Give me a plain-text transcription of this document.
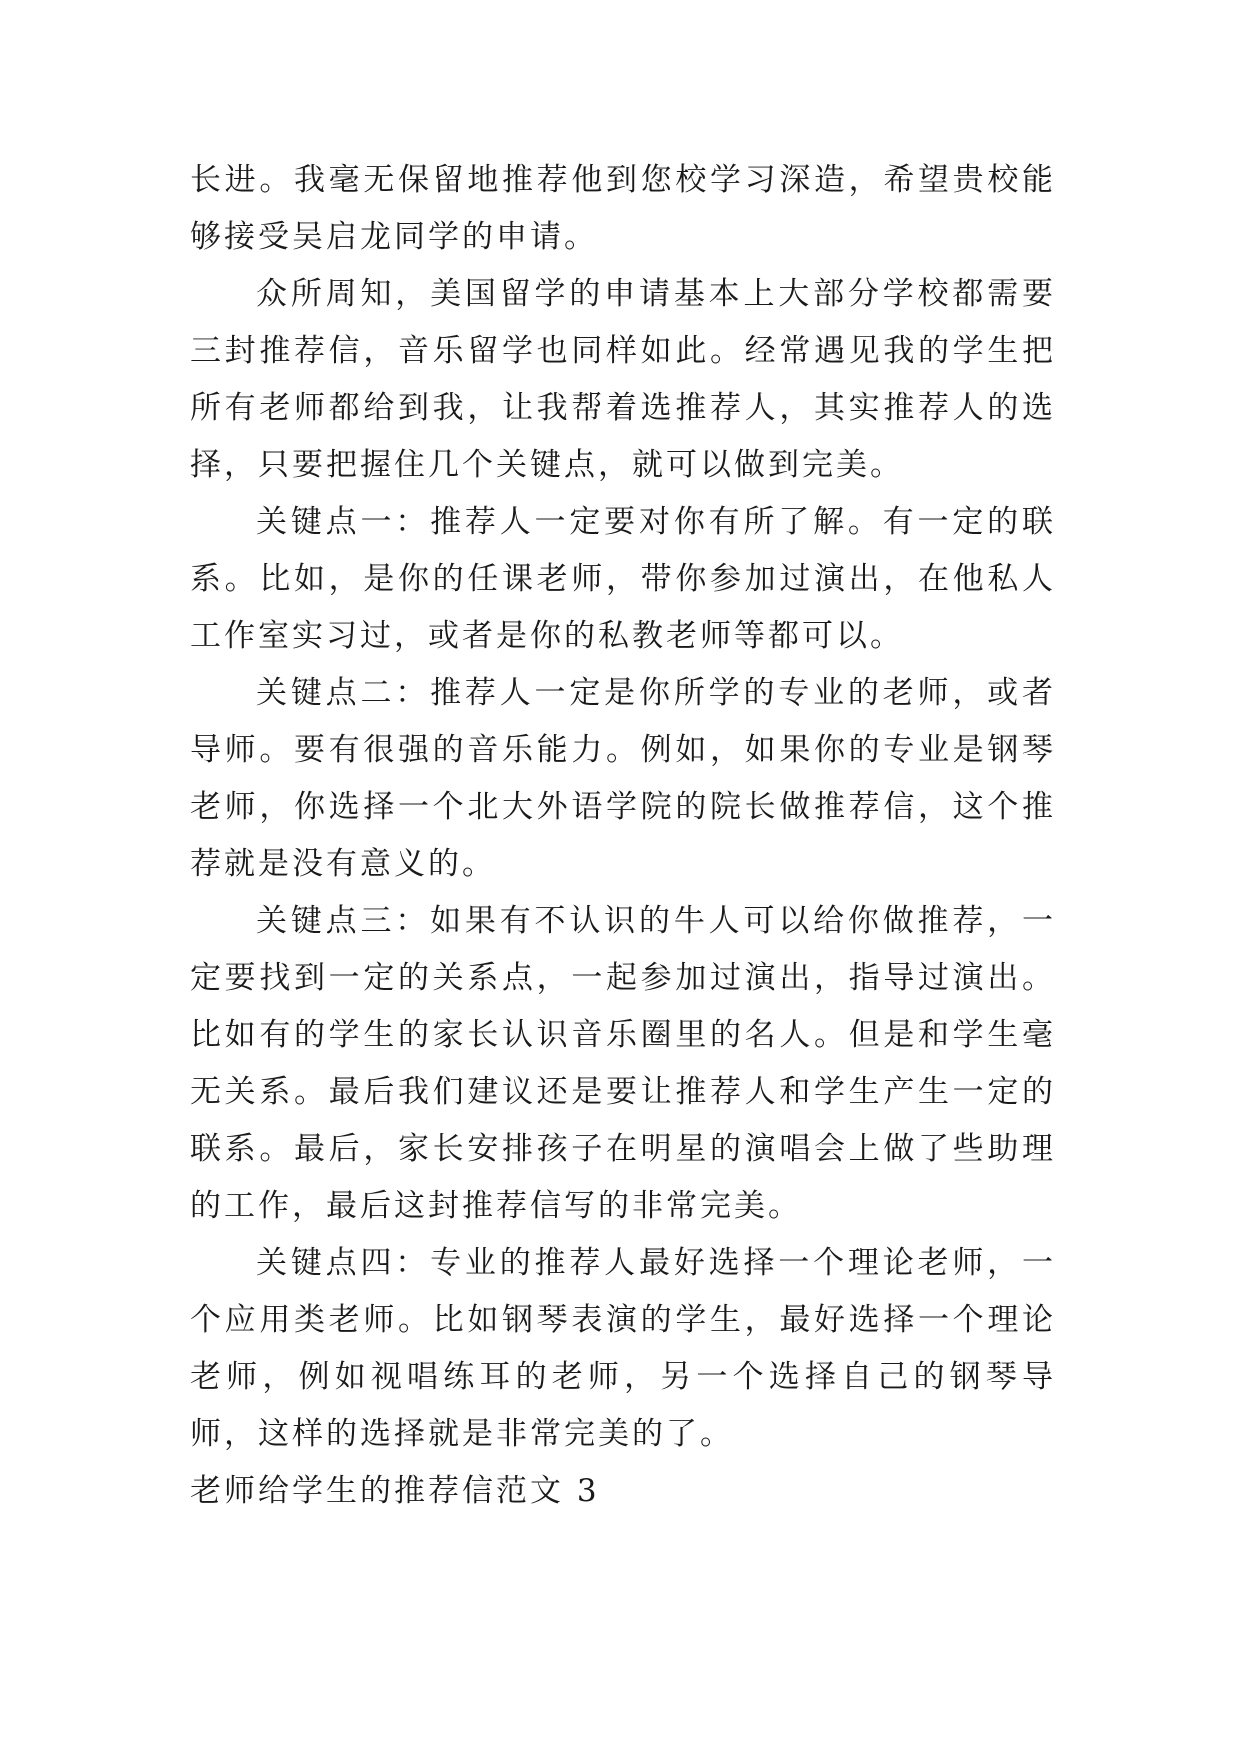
长进。我毫无保留地推荐他到您校学习深造，希望贵校能够接受吴启龙同学的申请。

众所周知，美国留学的申请基本上大部分学校都需要三封推荐信，音乐留学也同样如此。经常遇见我的学生把所有老师都给到我，让我帮着选推荐人，其实推荐人的选择，只要把握住几个关键点，就可以做到完美。

关键点一：推荐人一定要对你有所了解。有一定的联系。比如，是你的任课老师，带你参加过演出，在他私人工作室实习过，或者是你的私教老师等都可以。

关键点二：推荐人一定是你所学的专业的老师，或者导师。要有很强的音乐能力。例如，如果你的专业是钢琴老师，你选择一个北大外语学院的院长做推荐信，这个推荐就是没有意义的。

关键点三：如果有不认识的牛人可以给你做推荐，一定要找到一定的关系点，一起参加过演出，指导过演出。比如有的学生的家长认识音乐圈里的名人。但是和学生毫无关系。最后我们建议还是要让推荐人和学生产生一定的联系。最后，家长安排孩子在明星的演唱会上做了些助理的工作，最后这封推荐信写的非常完美。

关键点四：专业的推荐人最好选择一个理论老师，一个应用类老师。比如钢琴表演的学生，最好选择一个理论老师，例如视唱练耳的老师，另一个选择自己的钢琴导师，这样的选择就是非常完美的了。

老师给学生的推荐信范文 3
